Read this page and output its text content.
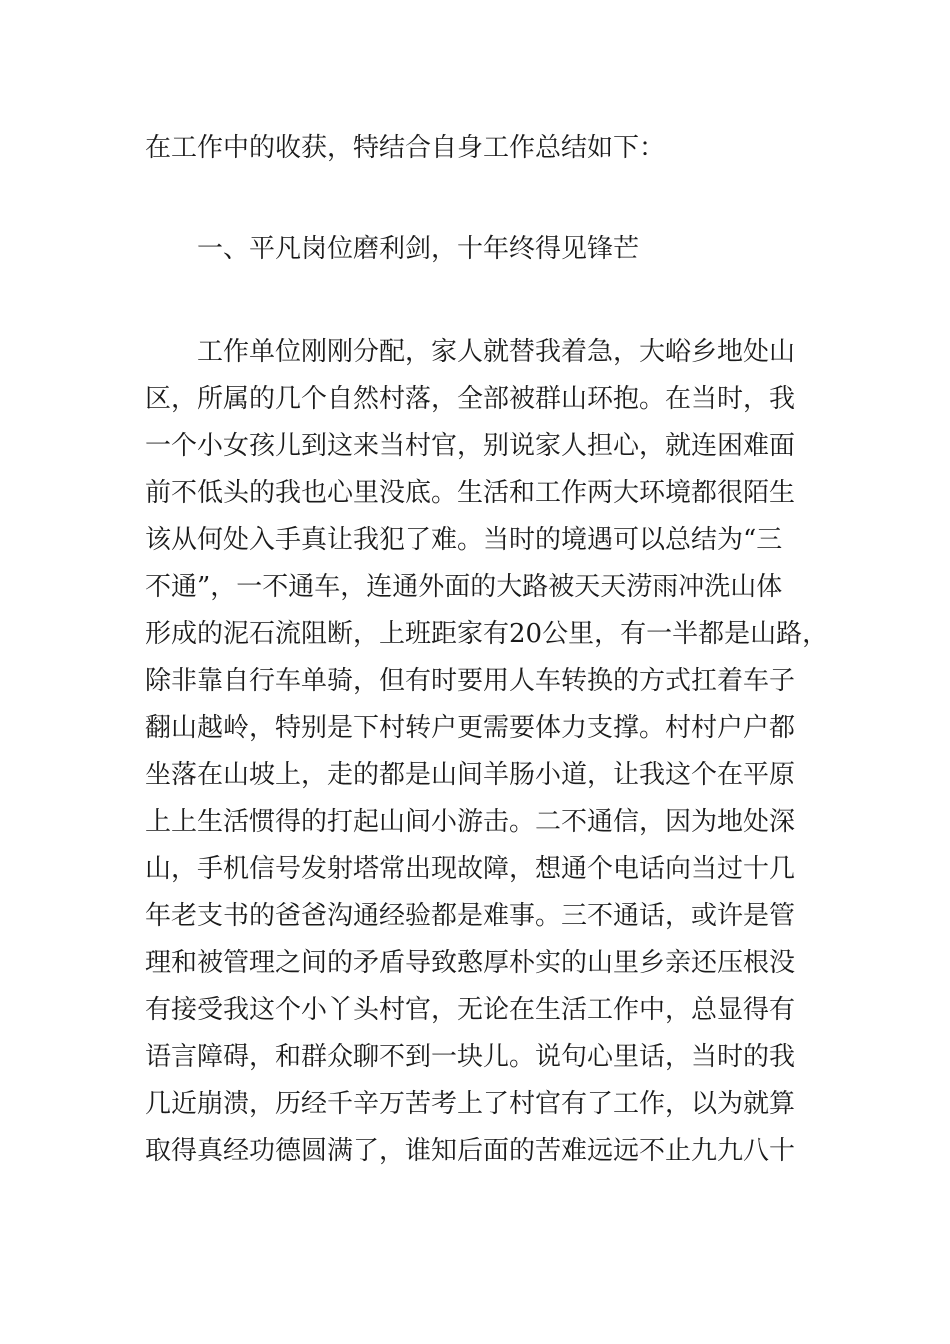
在工作中的收获，特结合自身工作总结如下：
一、平凡岗位磨利剑，十年终得见锋芒
工作单位刚刚分配，家人就替我着急，大峪乡地处山
区，所属的几个自然村落，全部被群山环抱。在当时，我
一个小女孩儿到这来当村官，别说家人担心，就连困难面
前不低头的我也心里没底。生活和工作两大环境都很陌生
该从何处入手真让我犯了难。当时的境遇可以总结为“三
不通”，一不通车，连通外面的大路被天天涝雨冲洗山体
形成的泥石流阻断，上班距家有20公里，有一半都是山路，
除非靠自行车单骑，但有时要用人车转换的方式扛着车子
翻山越岭，特别是下村转户更需要体力支撑。村村户户都
坐落在山坡上，走的都是山间羊肠小道，让我这个在平原
上上生活惯得的打起山间小游击。二不通信，因为地处深
山，手机信号发射塔常出现故障，想通个电话向当过十几
年老支书的爸爸沟通经验都是难事。三不通话，或许是管
理和被管理之间的矛盾导致憨厚朴实的山里乡亲还压根没
有接受我这个小丫头村官，无论在生活工作中，总显得有
语言障碍，和群众聊不到一块儿。说句心里话，当时的我
几近崩溃，历经千辛万苦考上了村官有了工作，以为就算
取得真经功德圆满了，谁知后面的苦难远远不止九九八十
